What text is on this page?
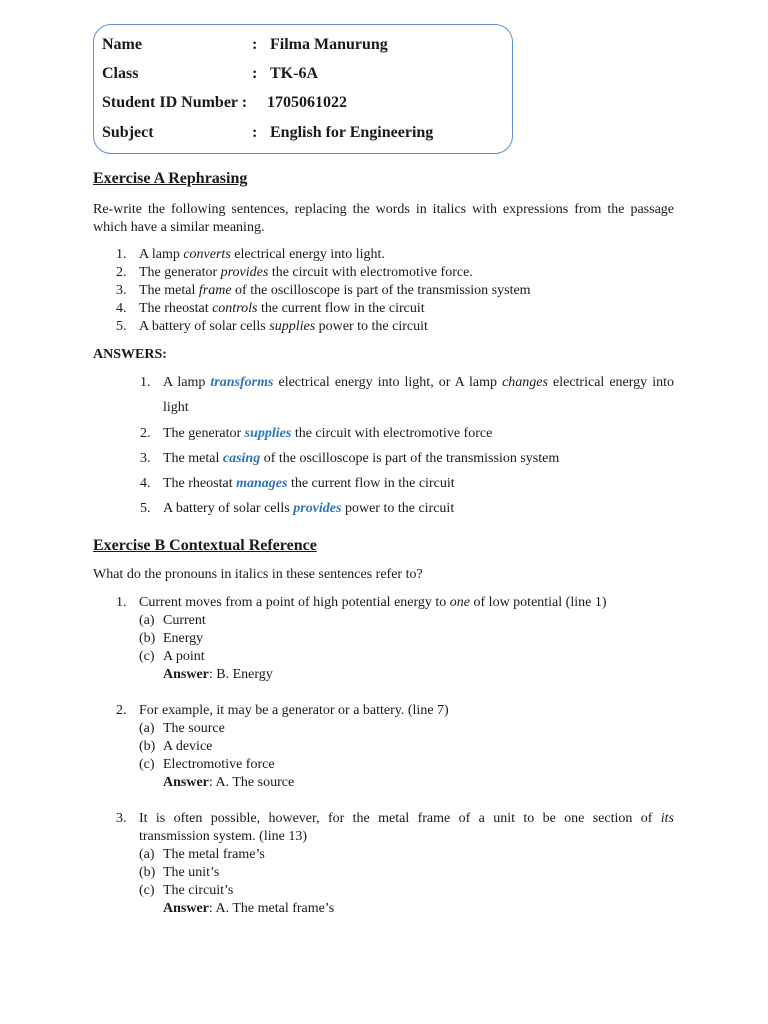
Name	: Filma Manurung
Class	: TK-6A
Student ID Number : 1705061022
Subject	: English for Engineering
Exercise A Rephrasing
Re-write the following sentences, replacing the words in italics with expressions from the passage which have a similar meaning.
1. A lamp converts electrical energy into light.
2. The generator provides the circuit with electromotive force.
3. The metal frame of the oscilloscope is part of the transmission system
4. The rheostat controls the current flow in the circuit
5. A battery of solar cells supplies power to the circuit
ANSWERS:
1. A lamp transforms electrical energy into light, or A lamp changes electrical energy into light
2. The generator supplies the circuit with electromotive force
3. The metal casing of the oscilloscope is part of the transmission system
4. The rheostat manages the current flow in the circuit
5. A battery of solar cells provides power to the circuit
Exercise B Contextual Reference
What do the pronouns in italics in these sentences refer to?
1. Current moves from a point of high potential energy to one of low potential (line 1)
(a) Current
(b) Energy
(c) A point
Answer: B. Energy
2. For example, it may be a generator or a battery. (line 7)
(a) The source
(b) A device
(c) Electromotive force
Answer: A. The source
3. It is often possible, however, for the metal frame of a unit to be one section of its
transmission system. (line 13)
(a) The metal frame’s
(b) The unit’s
(c) The circuit’s
Answer: A. The metal frame’s
